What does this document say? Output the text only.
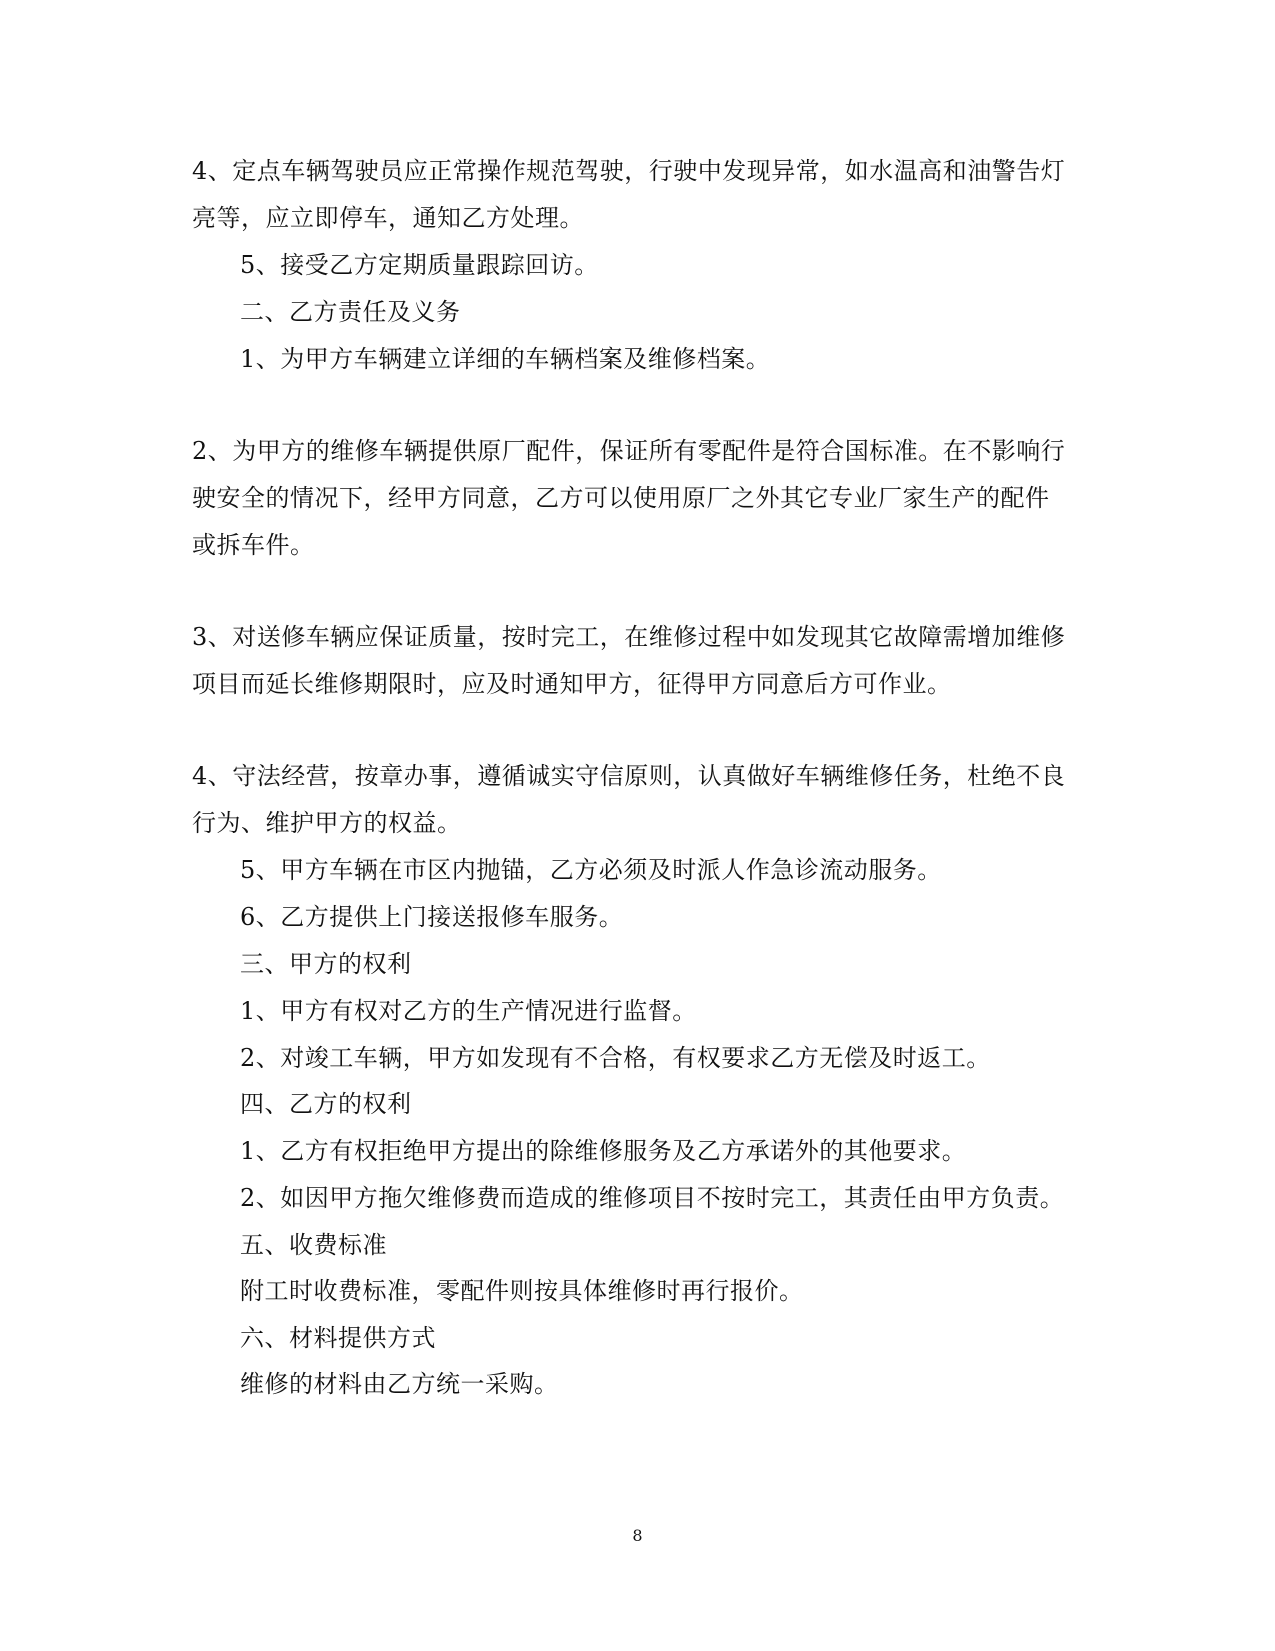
4、定点车辆驾驶员应正常操作规范驾驶，行驶中发现异常，如水温高和油警告灯
亮等，应立即停车，通知乙方处理。
5、接受乙方定期质量跟踪回访。
二、乙方责任及义务
1、为甲方车辆建立详细的车辆档案及维修档案。
2、为甲方的维修车辆提供原厂配件，保证所有零配件是符合国标准。在不影响行
驶安全的情况下，经甲方同意，乙方可以使用原厂之外其它专业厂家生产的配件
或拆车件。
3、对送修车辆应保证质量，按时完工，在维修过程中如发现其它故障需增加维修
项目而延长维修期限时，应及时通知甲方，征得甲方同意后方可作业。
4、守法经营，按章办事，遵循诚实守信原则，认真做好车辆维修任务，杜绝不良
行为、维护甲方的权益。
5、甲方车辆在市区内抛锚，乙方必须及时派人作急诊流动服务。
6、乙方提供上门接送报修车服务。
三、甲方的权利
1、甲方有权对乙方的生产情况进行监督。
2、对竣工车辆，甲方如发现有不合格，有权要求乙方无偿及时返工。
四、乙方的权利
1、乙方有权拒绝甲方提出的除维修服务及乙方承诺外的其他要求。
2、如因甲方拖欠维修费而造成的维修项目不按时完工，其责任由甲方负责。
五、收费标准
附工时收费标准，零配件则按具体维修时再行报价。
六、材料提供方式
维修的材料由乙方统一采购。
8
